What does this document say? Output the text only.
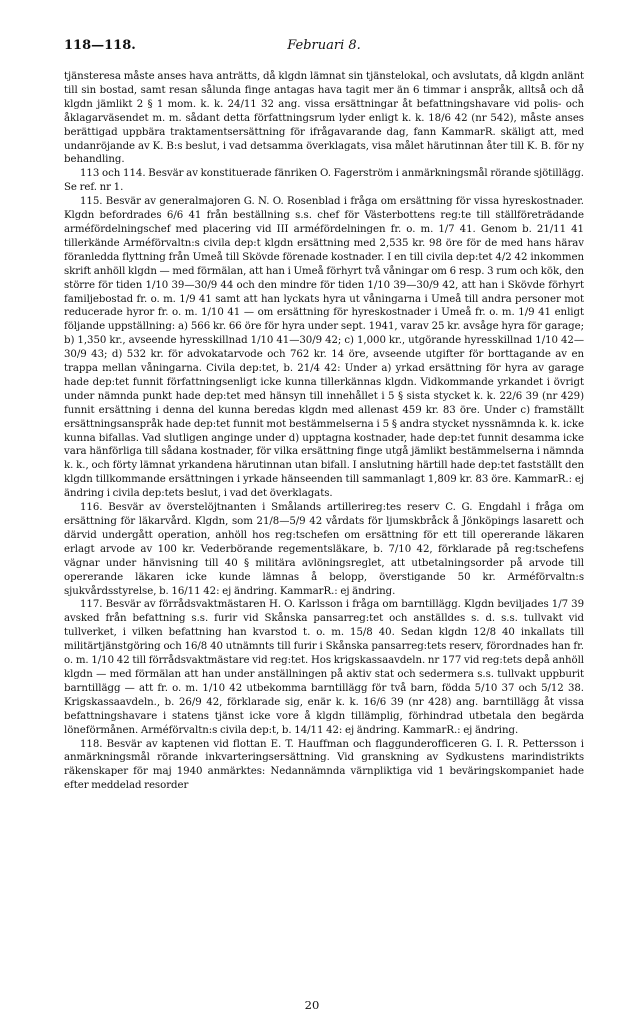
118—118.	Februari 8.

tjänsteresa måste anses hava anträtts, då klgdn lämnat sin tjänstelokal, och avslutats, då klgdn anlänt till sin bostad, samt resan sålunda finge antagas hava tagit mer än 6 timmar i anspråk, alltså och då klgdn jämlikt 2 § 1 mom. k. k. 24/11 32 ang. vissa ersättningar åt befattningshavare vid polis- och åklagarväsendet m. m. sådant detta författningsrum lyder enligt k. k. 18/6 42 (nr 542), måste anses berättigad uppbära traktamentsersättning för ifrågavarande dag, fann KammarR. skäligt att, med undanröjande av K. B:s beslut, i vad detsamma överklagats, visa målet härutinnan åter till K. B. för ny behandling.

113 och 114. Besvär av konstituerade fänriken O. Fagerström i anmärkningsmål rörande sjötillägg. Se ref. nr 1.

115. Besvär av generalmajoren G. N. O. Rosenblad i fråga om ersättning för vissa hyreskostnader. Klgdn befordrades 6/6 41 från beställning s.s. chef för Västerbottens reg:te till ställföreträdande arméfördelningschef med placering vid III arméfördelningen fr. o. m. 1/7 41. Genom b. 21/11 41 tillerkände Arméförvaltn:s civila dep:t klgdn ersättning med 2,535 kr. 98 öre för de med hans härav föranledda flyttning från Umeå till Skövde förenade kostnader. I en till civila dep:tet 4/2 42 inkommen skrift anhöll klgdn — med förmälan, att han i Umeå förhyrt två våningar om 6 resp. 3 rum och kök, den större för tiden 1/10 39—30/9 44 och den mindre för tiden 1/10 39—30/9 42, att han i Skövde förhyrt familjebostad fr. o. m. 1/9 41 samt att han lyckats hyra ut våningarna i Umeå till andra personer mot reducerade hyror fr. o. m. 1/10 41 — om ersättning för hyreskostnader i Umeå fr. o. m. 1/9 41 enligt följande uppställning: a) 566 kr. 66 öre för hyra under sept. 1941, varav 25 kr. avsåge hyra för garage; b) 1,350 kr., avseende hyresskillnad 1/10 41—30/9 42; c) 1,000 kr., utgörande hyresskillnad 1/10 42—30/9 43; d) 532 kr. för advokatarvode och 762 kr. 14 öre, avseende utgifter för borttagande av en trappa mellan våningarna. Civila dep:tet, b. 21/4 42: Under a) yrkad ersättning för hyra av garage hade dep:tet funnit författningsenligt icke kunna tillerkännas klgdn. Vidkommande yrkandet i övrigt under nämnda punkt hade dep:tet med hänsyn till innehållet i 5 § sista stycket k. k. 22/6 39 (nr 429) funnit ersättning i denna del kunna beredas klgdn med allenast 459 kr. 83 öre. Under c) framställt ersättningsanspråk hade dep:tet funnit mot bestämmelserna i 5 § andra stycket nyssnämnda k. k. icke kunna bifallas. Vad slutligen anginge under d) upptagna kostnader, hade dep:tet funnit desamma icke vara hänförliga till sådana kostnader, för vilka ersättning finge utgå jämlikt bestämmelserna i nämnda k. k., och förty lämnat yrkandena härutinnan utan bifall. I anslutning härtill hade dep:tet fastställt den klgdn tillkommande ersättningen i yrkade hänseenden till sammanlagt 1,809 kr. 83 öre. KammarR.: ej ändring i civila dep:tets beslut, i vad det överklagats.

116. Besvär av överstelöjtnanten i Smålands artillerireg:tes reserv C. G. Engdahl i fråga om ersättning för läkarvård. Klgdn, som 21/8—5/9 42 vårdats för ljumskbråck å Jönköpings lasarett och därvid undergått operation, anhöll hos reg:tschefen om ersättning för ett till opererande läkaren erlagt arvode av 100 kr. Vederbörande regementsläkare, b. 7/10 42, förklarade på reg:tschefens vägnar under hänvisning till 40 § militära avlöningsreglet, att utbetalningsorder på arvode till opererande läkaren icke kunde lämnas å belopp, överstigande 50 kr. Arméförvaltn:s sjukvårdsstyrelse, b. 16/11 42: ej ändring. KammarR.: ej ändring.

117. Besvär av förrådsvaktmästaren H. O. Karlsson i fråga om barntillägg. Klgdn beviljades 1/7 39 avsked från befattning s.s. furir vid Skånska pansarreg:tet och anställdes s. d. s.s. tullvakt vid tullverket, i vilken befattning han kvarstod t. o. m. 15/8 40. Sedan klgdn 12/8 40 inkallats till militärtjänstgöring och 16/8 40 utnämnts till furir i Skånska pansarreg:tets reserv, förordnades han fr. o. m. 1/10 42 till förrådsvaktmästare vid reg:tet. Hos krigskassaavdeln. nr 177 vid reg:tets depå anhöll klgdn — med förmälan att han under anställningen på aktiv stat och sedermera s.s. tullvakt uppburit barntillägg — att fr. o. m. 1/10 42 utbekomma barntillägg för två barn, födda 5/10 37 och 5/12 38. Krigskassaavdeln., b. 26/9 42, förklarade sig, enär k. k. 16/6 39 (nr 428) ang. barntillägg åt vissa befattningshavare i statens tjänst icke vore å klgdn tillämplig, förhindrad utbetala den begärda löneförmånen. Arméförvaltn:s civila dep:t, b. 14/11 42: ej ändring. KammarR.: ej ändring.

118. Besvär av kaptenen vid flottan E. T. Hauffman och flaggunderofficeren G. I. R. Pettersson i anmärkningsmål rörande inkvarteringsersättning. Vid granskning av Sydkustens marindistrikts räkenskaper för maj 1940 anmärktes: Nedannämnda värnpliktiga vid 1 beväringskompaniet hade efter meddelad resorder

20
